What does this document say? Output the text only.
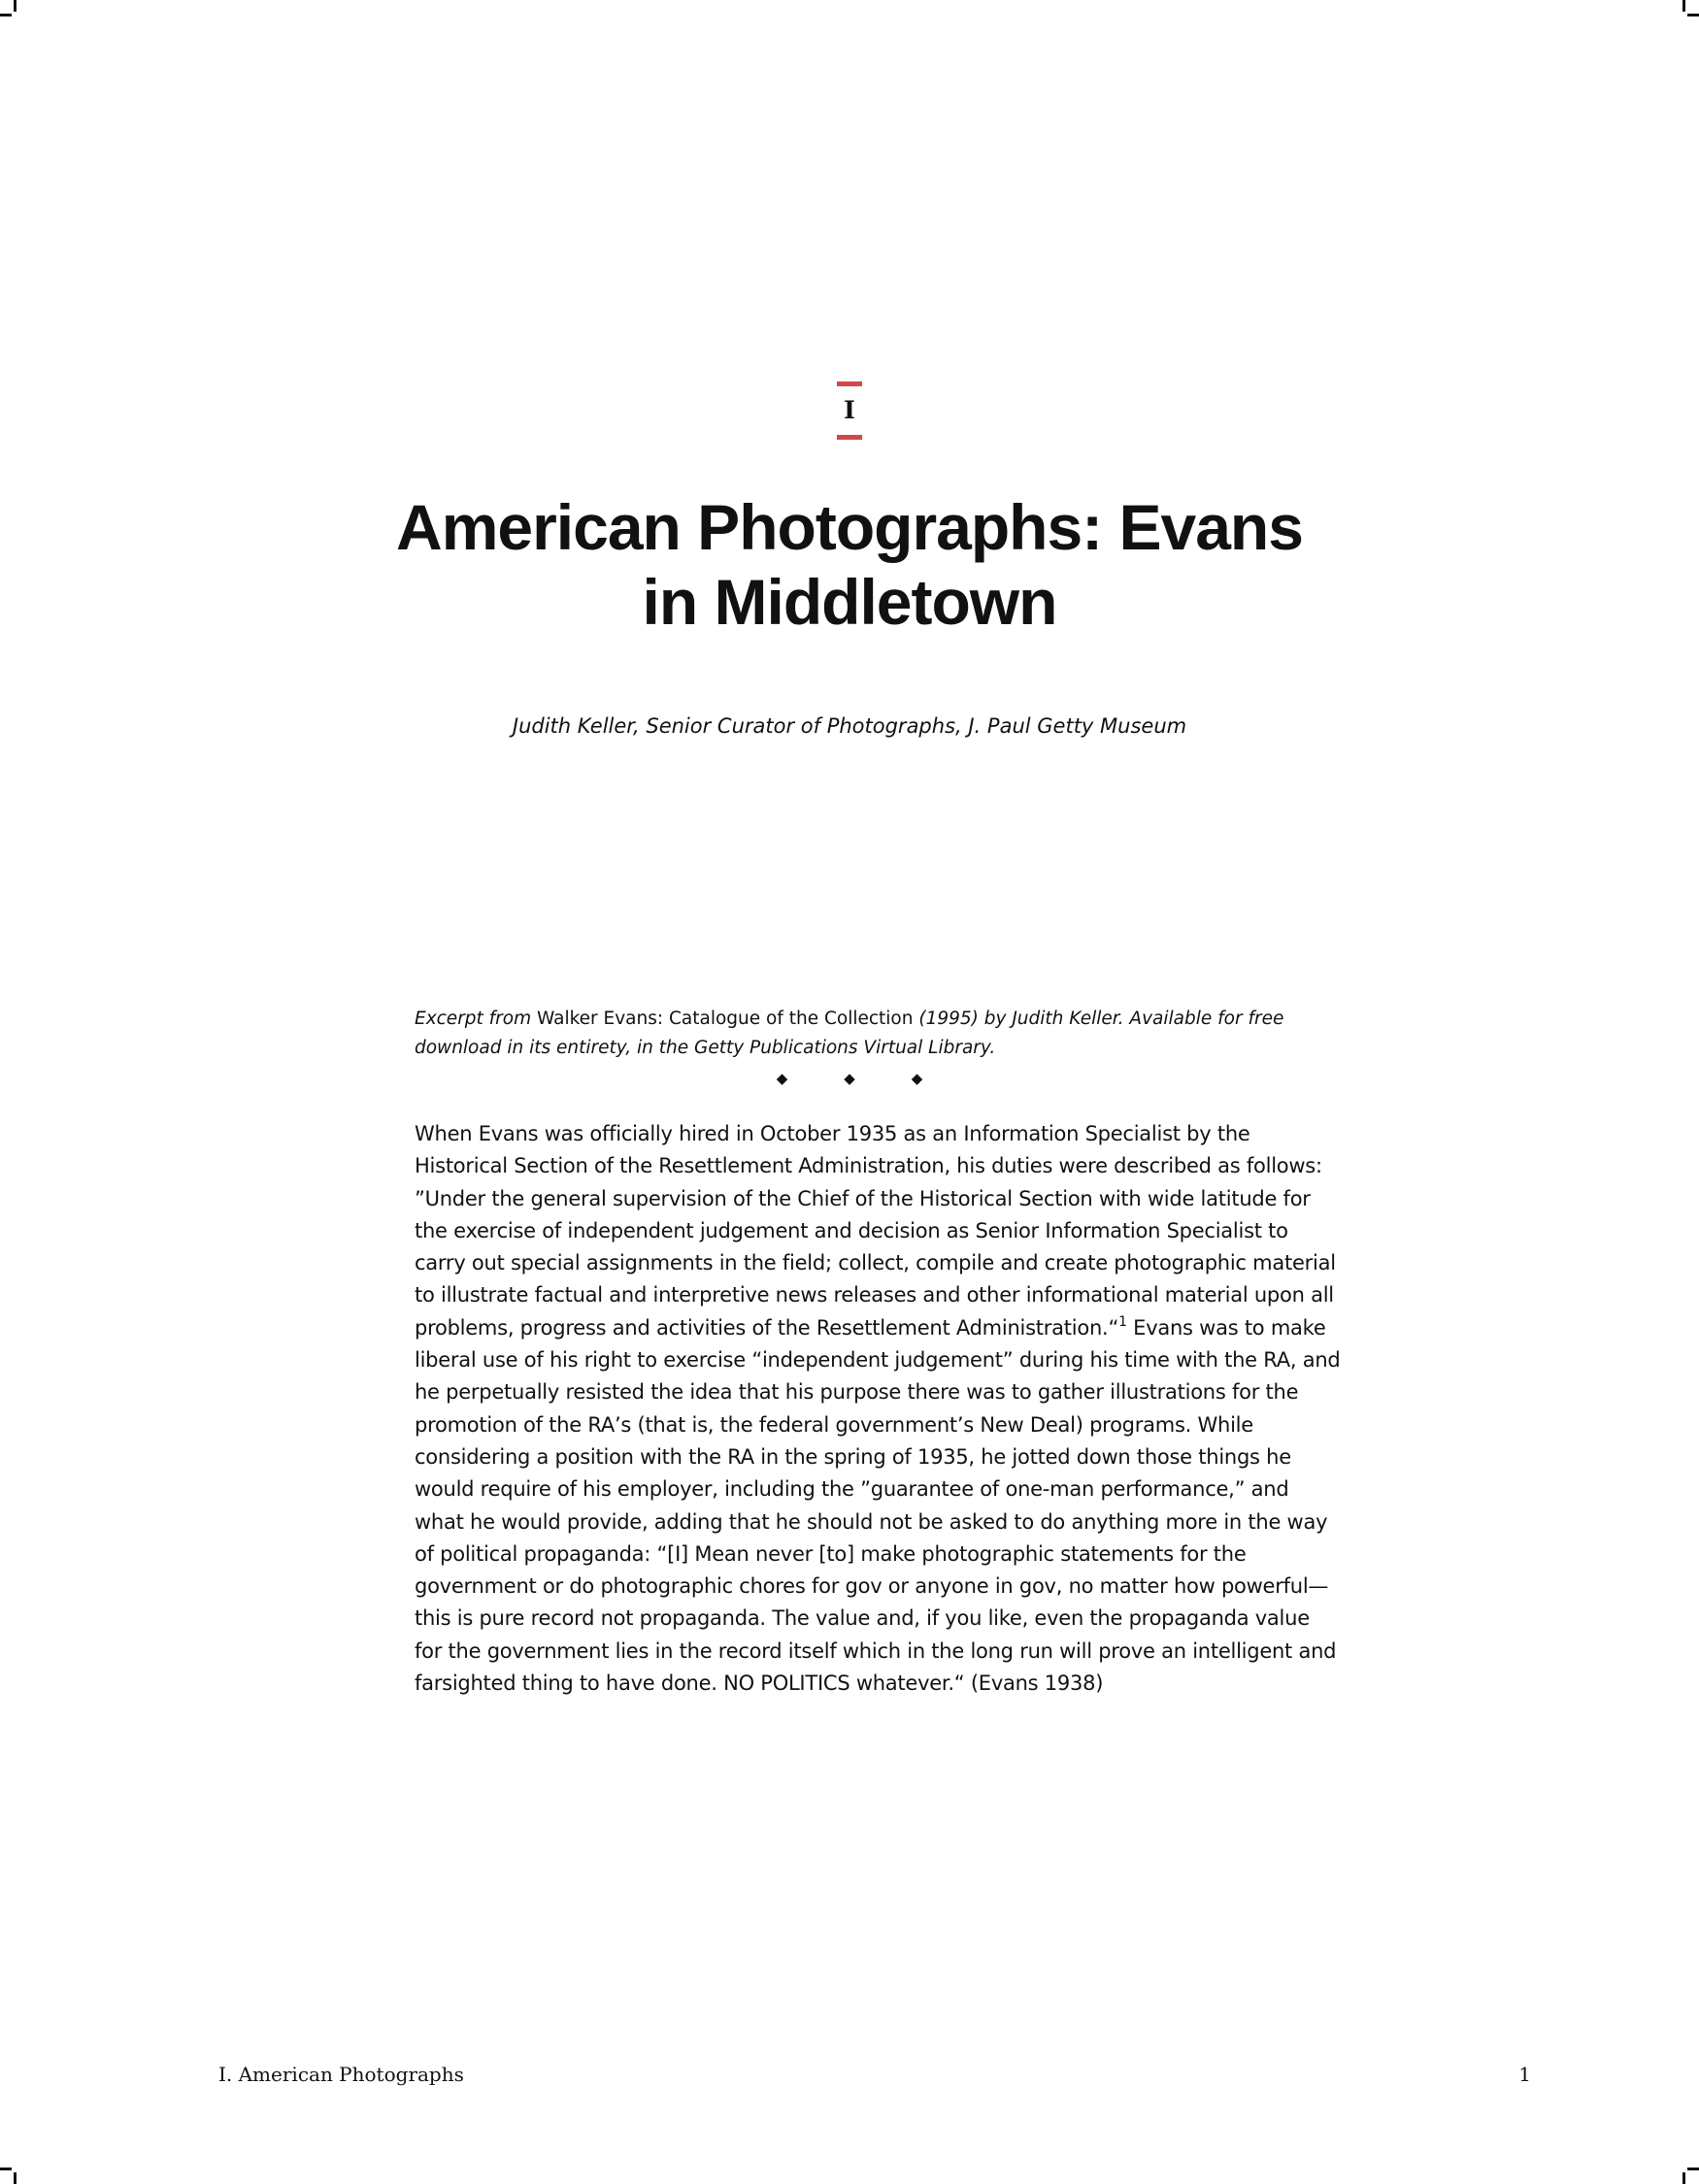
I
American Photographs: Evans in Middletown
Judith Keller, Senior Curator of Photographs, J. Paul Getty Museum
Excerpt from Walker Evans: Catalogue of the Collection (1995) by Judith Keller. Available for free download in its entirety, in the Getty Publications Virtual Library.
◆◆◆

When Evans was officially hired in October 1935 as an Information Specialist by the Historical Section of the Resettlement Administration, his duties were described as follows: ”Under the general supervision of the Chief of the Historical Section with wide latitude for the exercise of independent judgement and decision as Senior Information Specialist to carry out special assignments in the field; collect, compile and create photographic material to illustrate factual and interpretive news releases and other informational material upon all problems, progress and activities of the Resettlement Administration.“$^1$ Evans was to make liberal use of his right to exercise “independent judgement” during his time with the RA, and he perpetually resisted the idea that his purpose there was to gather illustrations for the promotion of the RA’s (that is, the federal government’s New Deal) programs. While considering a position with the RA in the spring of 1935, he jotted down those things he would require of his employer, including the ”guarantee of one-man performance,” and what he would provide, adding that he should not be asked to do anything more in the way of political propaganda: “[I] Mean never [to] make photographic statements for the government or do photographic chores for gov or anyone in gov, no matter how powerful—this is pure record not propaganda. The value and, if you like, even the propaganda value for the government lies in the record itself which in the long run will prove an intelligent and farsighted thing to have done. NO POLITICS whatever.“ (Evans 1938)

I. American Photographs	1
